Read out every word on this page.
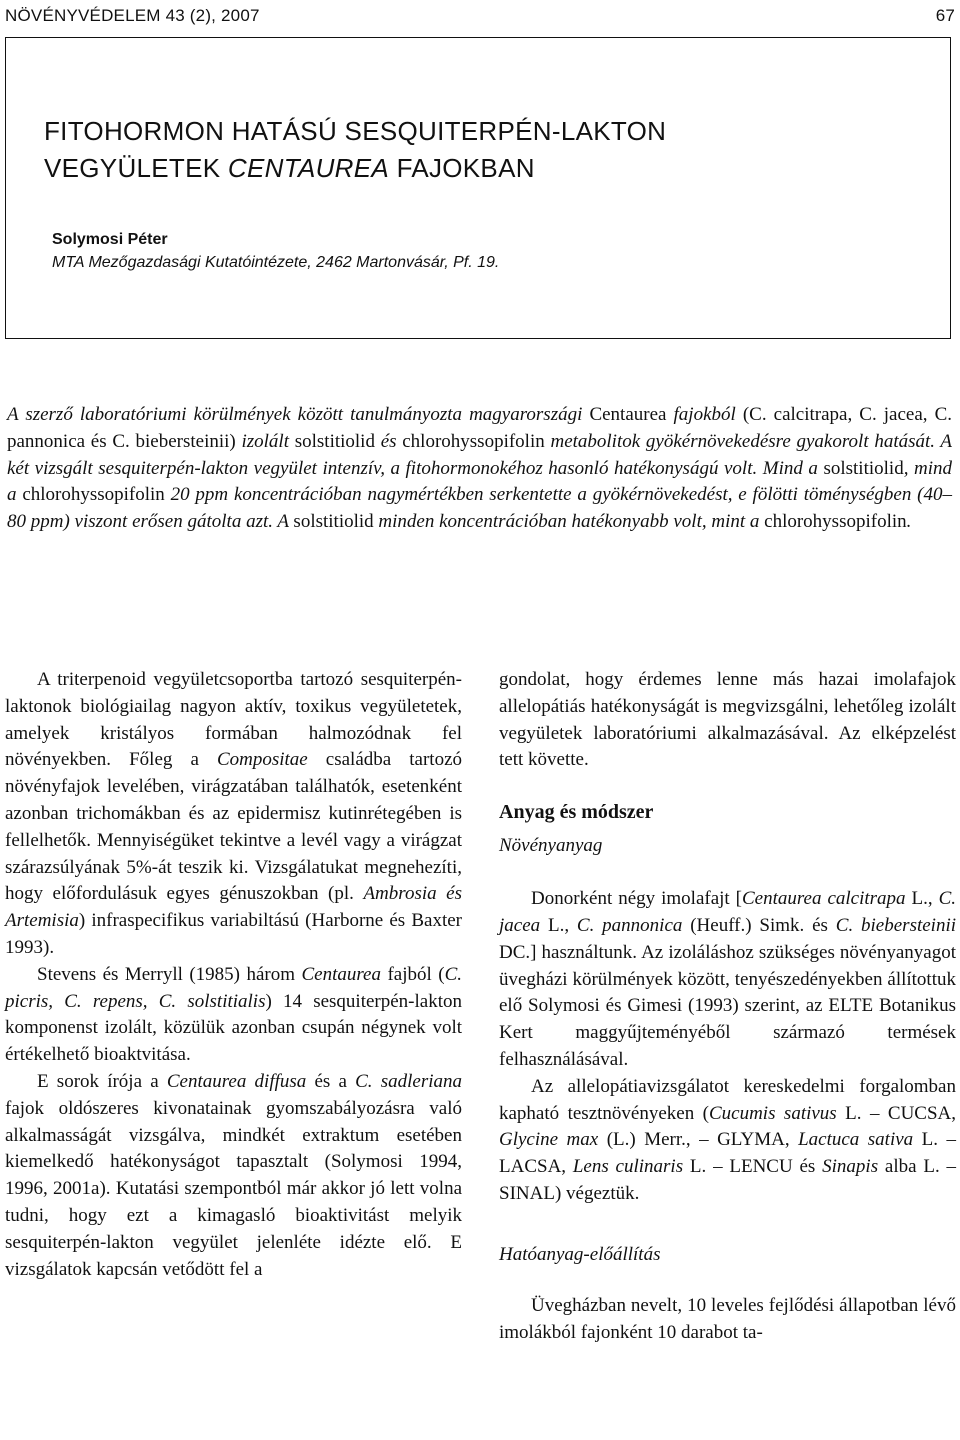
NÖVÉNYVÉDELEM 43 (2), 2007	67
FITOHORMON HATÁSÚ SESQUITERPÉN-LAKTON
VEGYÜLETEK CENTAUREA FAJOKBAN
Solymosi Péter
MTA Mezőgazdasági Kutatóintézete, 2462 Martonvásár, Pf. 19.

A szerző laboratóriumi körülmények között tanulmányozta magyarországi Centaurea fajokból (C. calcitrapa, C. jacea, C. pannonica és C. biebersteinii) izolált solstitiolid és chlorohyssopifolin metabolitok gyökérnövekedésre gyakorolt hatását. A két vizsgált sesquiterpén-lakton vegyület intenzív, a fitohormonokéhoz hasonló hatékonyságú volt. Mind a solstitiolid, mind a chlorohyssopifolin 20 ppm koncentrációban nagymértékben serkentette a gyökérnövekedést, e fölötti töménységben (40–80 ppm) viszont erősen gátolta azt. A solstitiolid minden koncentrációban hatékonyabb volt, mint a chlorohyssopifolin.

A triterpenoid vegyületcsoportba tartozó sesquiterpén-laktonok biológiailag nagyon aktív, toxikus vegyületetek, amelyek kristályos formában halmozódnak fel növényekben. Főleg a Compositae családba tartozó növényfajok levelében, virágzatában találhatók, esetenként azonban trichomákban és az epidermisz kutinrétegében is fellelhetők. Mennyiségüket tekintve a levél vagy a virágzat szárazsúlyának 5%-át teszik ki. Vizsgálatukat megnehezíti, hogy előfordulásuk egyes génuszokban (pl. Ambrosia és Artemisia) infraspecifikus variabiltású (Harborne és Baxter 1993).

Stevens és Merryll (1985) három Centaurea fajból (C. picris, C. repens, C. solstitialis) 14 sesquiterpén-lakton komponenst izolált, közülük azonban csupán négynek volt értékelhető bioaktvitása.

E sorok írója a Centaurea diffusa és a C. sadleriana fajok oldószeres kivonatainak gyomszabályozásra való alkalmasságát vizsgálva, mindkét extraktum esetében kiemelkedő hatékonyságot tapasztalt (Solymosi 1994, 1996, 2001a). Kutatási szempontból már akkor jó lett volna tudni, hogy ezt a kimagasló bioaktivitást melyik sesquiterpén-lakton vegyület jelenléte idézte elő. E vizsgálatok kapcsán vetődött fel a

gondolat, hogy érdemes lenne más hazai imolafajok allelopátiás hatékonyságát is megvizsgálni, lehetőleg izolált vegyületek laboratóriumi alkalmazásával. Az elképzelést tett követte.

Anyag és módszer
Növényanyag

Donorként négy imolafajt [Centaurea calcitrapa L., C. jacea L., C. pannonica (Heuff.) Simk. és C. biebersteinii DC.] használtunk. Az izoláláshoz szükséges növényanyagot üvegházi körülmények között, tenyészedényekben állítottuk elő Solymosi és Gimesi (1993) szerint, az ELTE Botanikus Kert maggyűjteményéből származó termések felhasználásával.

Az allelopátiavizsgálatot kereskedelmi forgalomban kapható tesztnövényeken (Cucumis sativus L. – CUCSA, Glycine max (L.) Merr., – GLYMA, Lactuca sativa L. – LACSA, Lens culinaris L. – LENCU és Sinapis alba L. – SINAL) végeztük.

Hatóanyag-előállítás

Üvegházban nevelt, 10 leveles fejlődési állapotban lévő imolákból fajonként 10 darabot ta-
